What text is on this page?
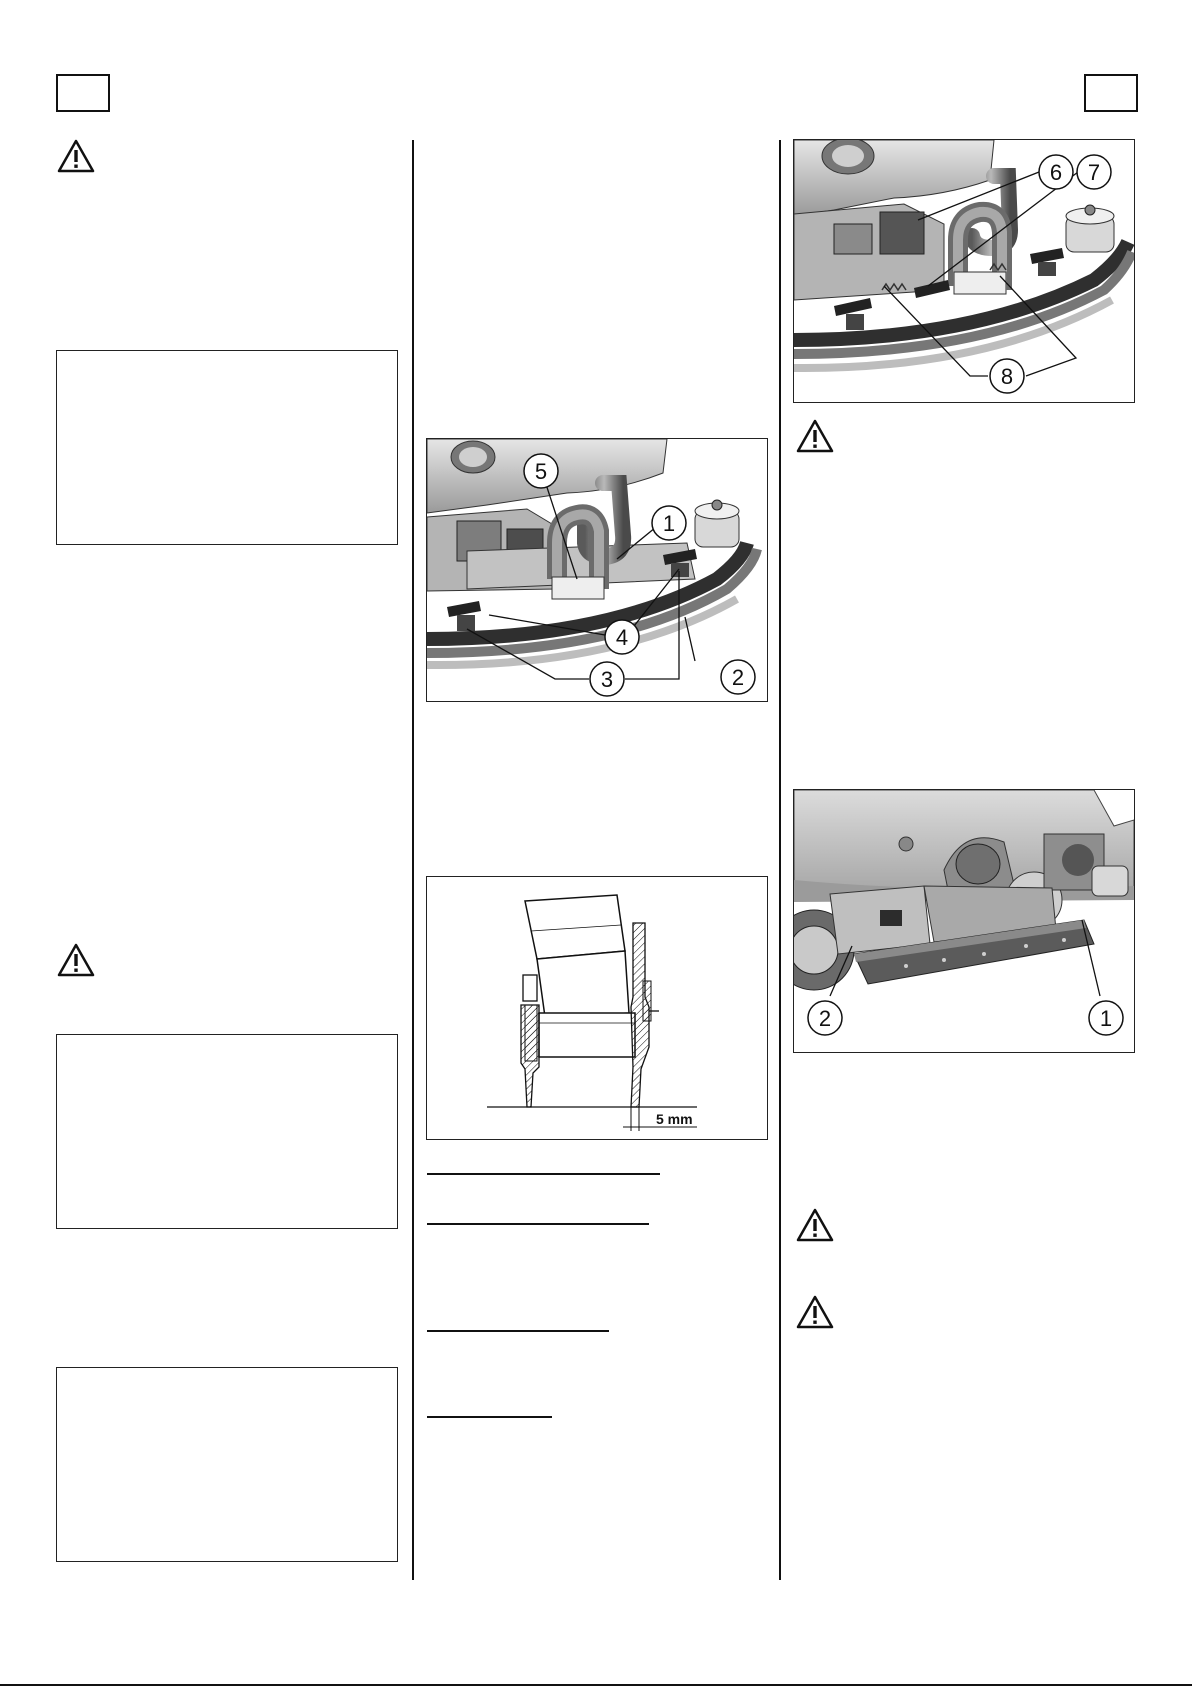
5
1
4
3	2
5 mm
6 7
8
2	1
